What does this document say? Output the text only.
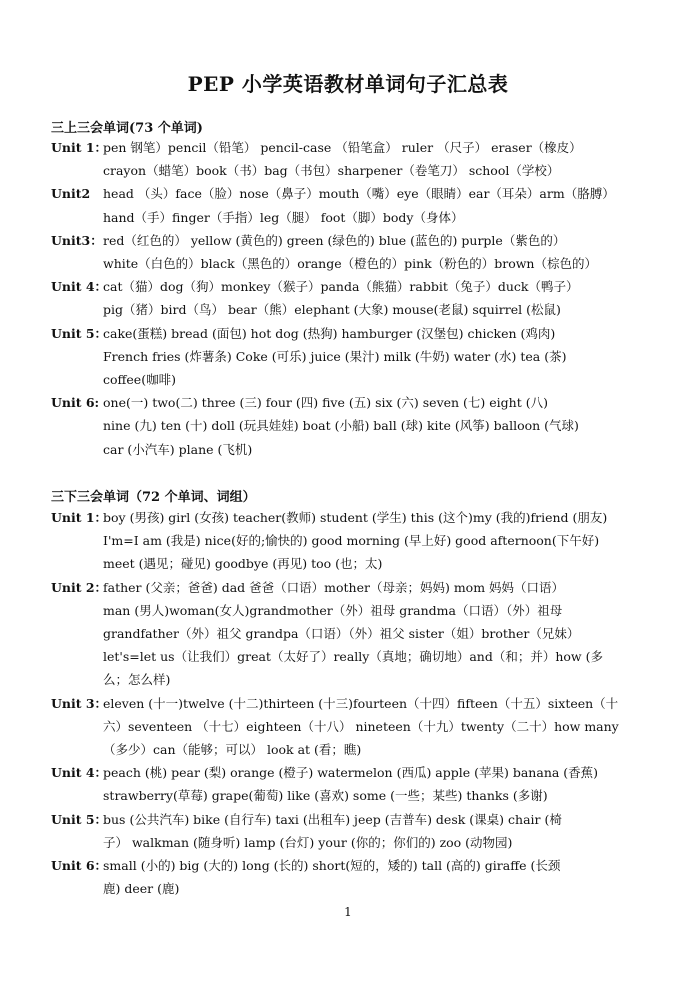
PEP 小学英语教材单词句子汇总表
三上三会单词(73 个单词)
Unit 1：
pen 钢笔）pencil（铅笔） pencil-case （铅笔盒） ruler （尺子） eraser（橡皮）
crayon（蜡笔）book（书）bag（书包）sharpener（卷笔刀） school（学校）
Unit2	head （头）face（脸）nose（鼻子）mouth（嘴）eye（眼睛）ear（耳朵）arm（胳膊）
hand（手）finger（手指）leg（腿） foot（脚）body（身体）
Unit3： red（红色的） yellow (黄色的) green (绿色的) blue (蓝色的) purple（紫色的）
white（白色的）black（黑色的）orange（橙色的）pink（粉色的）brown（棕色的）
Unit 4：
cat（猫）dog（狗）monkey（猴子）panda（熊猫）rabbit（兔子）duck（鸭子）
pig（猪）bird（鸟） bear（熊）elephant (大象) mouse(老鼠) squirrel (松鼠)
Unit 5：
cake(蛋糕) bread (面包) hot dog (热狗) hamburger (汉堡包) chicken (鸡肉)
French fries (炸薯条) Coke (可乐) juice (果汁) milk (牛奶) water (水) tea (茶)
coffee(咖啡)
Unit 6: one(一) two(二) three (三) four (四) five (五) six (六) seven (七) eight (八)
nine (九) ten (十) doll (玩具娃娃) boat (小船) ball (球) kite (风筝) balloon (气球)
car (小汽车) plane (飞机)
三下三会单词（72 个单词、词组）
Unit 1：
boy (男孩) girl (女孩) teacher(教师) student (学生) this (这个)my (我的)friend (朋友)
I'm=I am (我是) nice(好的;愉快的) good morning (早上好) good afternoon(下午好)
meet (遇见；碰见) goodbye (再见) too (也；太)
Unit 2：
father (父亲；爸爸) dad 爸爸（口语）mother（母亲；妈妈) mom 妈妈（口语）
man (男人)woman(女人)grandmother（外）祖母 grandma（口语）（外）祖母
grandfather（外）祖父 grandpa（口语）（外）祖父 sister（姐）brother（兄妹）
let's=let us（让我们）great（太好了）really（真地；确切地）and（和；并）how (多
么；怎么样)
Unit 3：
eleven (十一)twelve (十二)thirteen (十三)fourteen（十四）fifteen（十五）sixteen（十
六）seventeen （十七）eighteen（十八） nineteen（十九）twenty（二十）how many
（多少）can（能够；可以） look at (看；瞧)
Unit 4：
peach (桃) pear (梨) orange (橙子) watermelon (西瓜) apple (苹果) banana (香蕉)
strawberry(草莓) grape(葡萄) like (喜欢) some (一些；某些) thanks (多谢)
Unit 5：
bus (公共汽车) bike (自行车) taxi (出租车) jeep (吉普车) desk (课桌) chair (椅
子） walkman (随身听) lamp (台灯) your (你的；你们的) zoo (动物园)
Unit 6：
small (小的) big (大的) long (长的) short(短的，矮的) tall (高的) giraffe (长颈
鹿) deer (鹿)
1
